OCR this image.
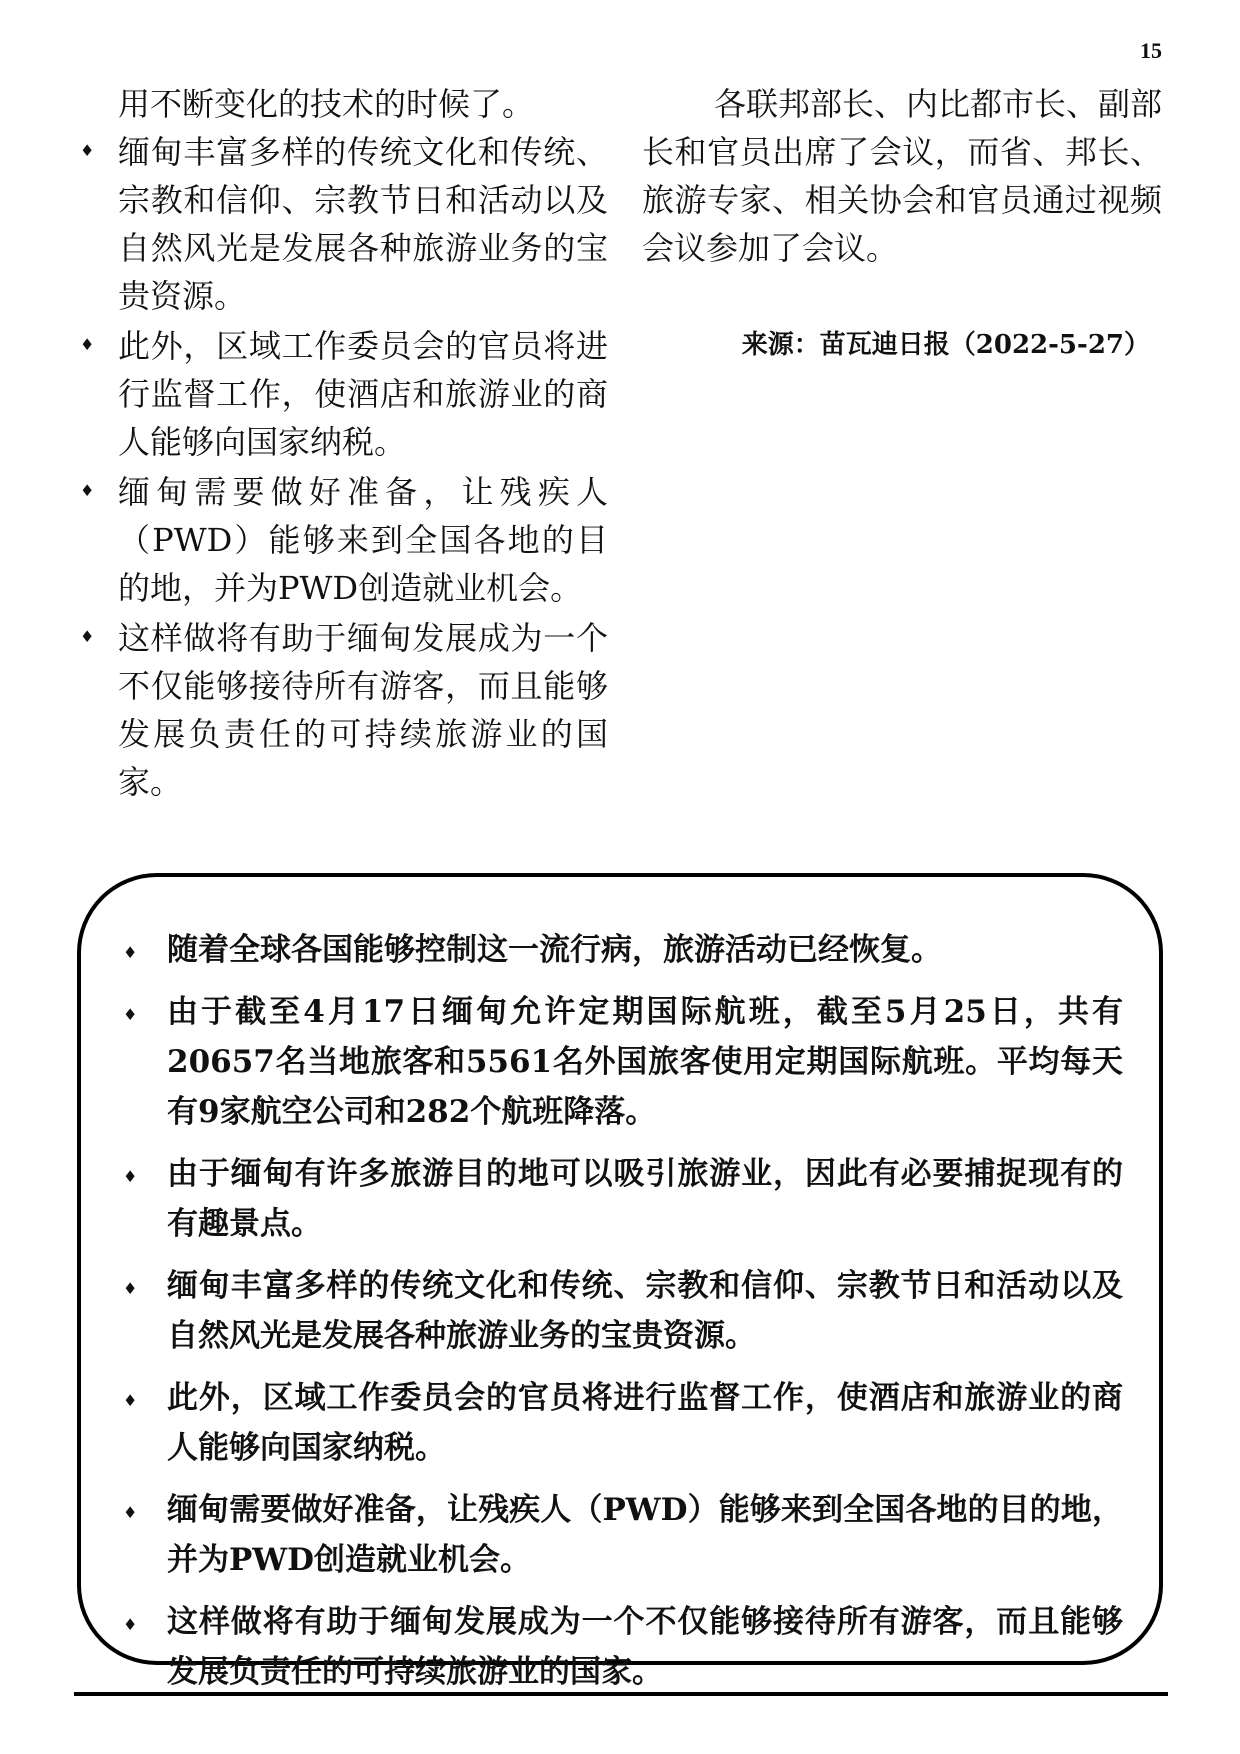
15

用不断变化的技术的时候了。

♦ 缅甸丰富多样的传统文化和传统、宗教和信仰、宗教节日和活动以及自然风光是发展各种旅游业务的宝贵资源。
♦ 此外，区域工作委员会的官员将进行监督工作，使酒店和旅游业的商人能够向国家纳税。
♦ 缅甸需要做好准备，让残疾人（PWD）能够来到全国各地的目的地，并为PWD创造就业机会。
♦ 这样做将有助于缅甸发展成为一个不仅能够接待所有游客，而且能够发展负责任的可持续旅游业的国家。

各联邦部长、内比都市长、副部长和官员出席了会议，而省、邦长、旅游专家、相关协会和官员通过视频会议参加了会议。

来源：苗瓦迪日报（2022-5-27）
♦ 随着全球各国能够控制这一流行病，旅游活动已经恢复。
♦ 由于截至4月17日缅甸允许定期国际航班，截至5月25日，共有20657名当地旅客和5561名外国旅客使用定期国际航班。平均每天有9家航空公司和282个航班降落。
♦ 由于缅甸有许多旅游目的地可以吸引旅游业，因此有必要捕捉现有的有趣景点。
♦ 缅甸丰富多样的传统文化和传统、宗教和信仰、宗教节日和活动以及自然风光是发展各种旅游业务的宝贵资源。
♦ 此外，区域工作委员会的官员将进行监督工作，使酒店和旅游业的商人能够向国家纳税。
♦ 缅甸需要做好准备，让残疾人（PWD）能够来到全国各地的目的地，并为PWD创造就业机会。
♦ 这样做将有助于缅甸发展成为一个不仅能够接待所有游客，而且能够发展负责任的可持续旅游业的国家。
